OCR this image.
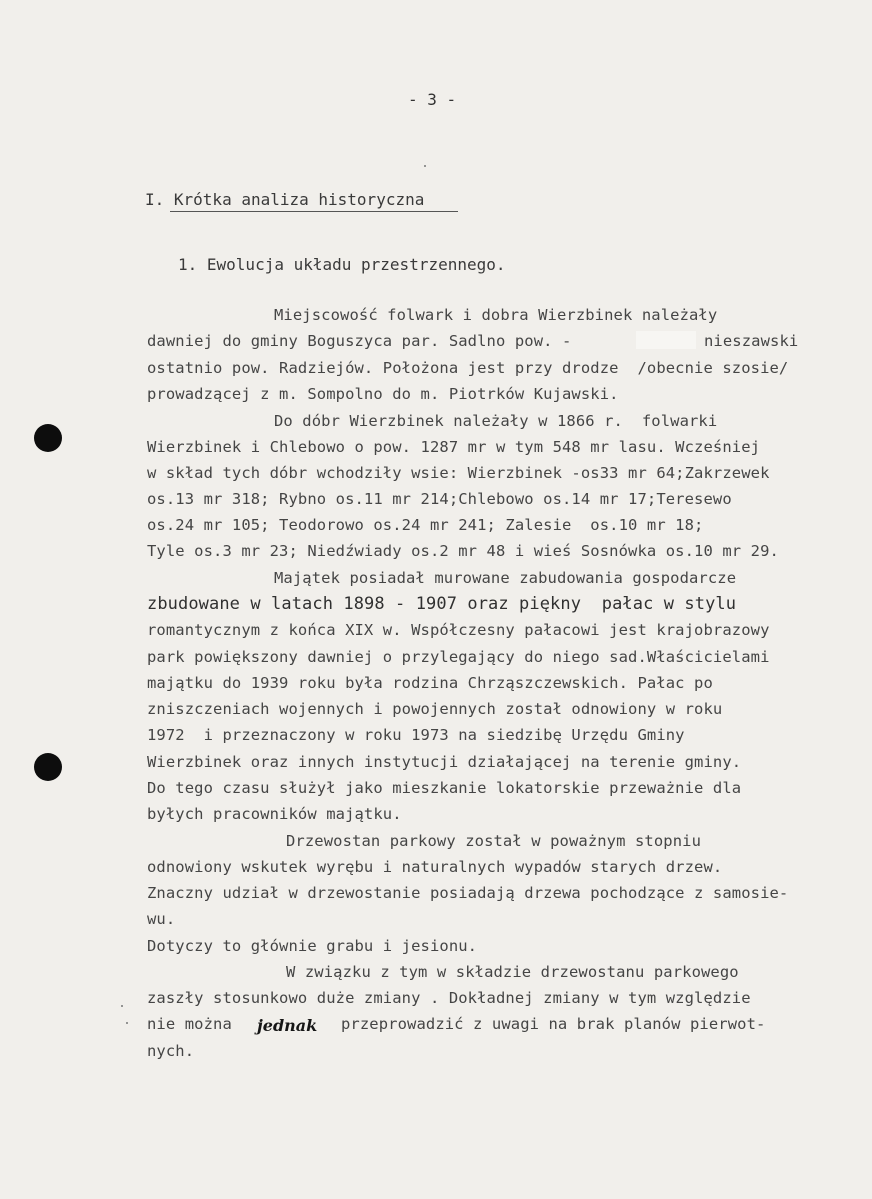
- 3 -
I. Krótka analiza historyczna
1. Ewolucja układu przestrzennego.
Miejscowość folwark i dobra Wierzbinek należały
dawniej do gminy Boguszyca par. Sadlno pow. -	nieszawski
ostatnio pow. Radziejów. Położona jest przy drodze  /obecnie szosie/
prowadzącej z m. Sompolno do m. Piotrków Kujawski.
Do dóbr Wierzbinek należały w 1866 r.  folwarki
Wierzbinek i Chlebowo o pow. 1287 mr w tym 548 mr lasu. Wcześniej
w skład tych dóbr wchodziły wsie: Wierzbinek -os33 mr 64;Zakrzewek
os.13 mr 318; Rybno os.11 mr 214;Chlebowo os.14 mr 17;Teresewo
os.24 mr 105; Teodorowo os.24 mr 241; Zalesie  os.10 mr 18;
Tyle os.3 mr 23; Niedźwiady os.2 mr 48 i wieś Sosnówka os.10 mr 29.
Majątek posiadał murowane zabudowania gospodarcze
zbudowane w latach 1898 - 1907 oraz piękny  pałac w stylu
romantycznym z końca XIX w. Współczesny pałacowi jest krajobrazowy
park powiększony dawniej o przylegający do niego sad.Właścicielami
majątku do 1939 roku była rodzina Chrząszczewskich. Pałac po
zniszczeniach wojennych i powojennych został odnowiony w roku
1972  i przeznaczony w roku 1973 na siedzibę Urzędu Gminy
Wierzbinek oraz innych instytucji działającej na terenie gminy.
Do tego czasu służył jako mieszkanie lokatorskie przeważnie dla
byłych pracowników majątku.
Drzewostan parkowy został w poważnym stopniu
odnowiony wskutek wyrębu i naturalnych wypadów starych drzew.
Znaczny udział w drzewostanie posiadają drzewa pochodzące z samosie-
wu.
Dotyczy to głównie grabu i jesionu.
W związku z tym w składzie drzewostanu parkowego
zaszły stosunkowo duże zmiany . Dokładnej zmiany w tym względzie
nie można jednak przeprowadzić z uwagi na brak planów pierwot-
nych.
